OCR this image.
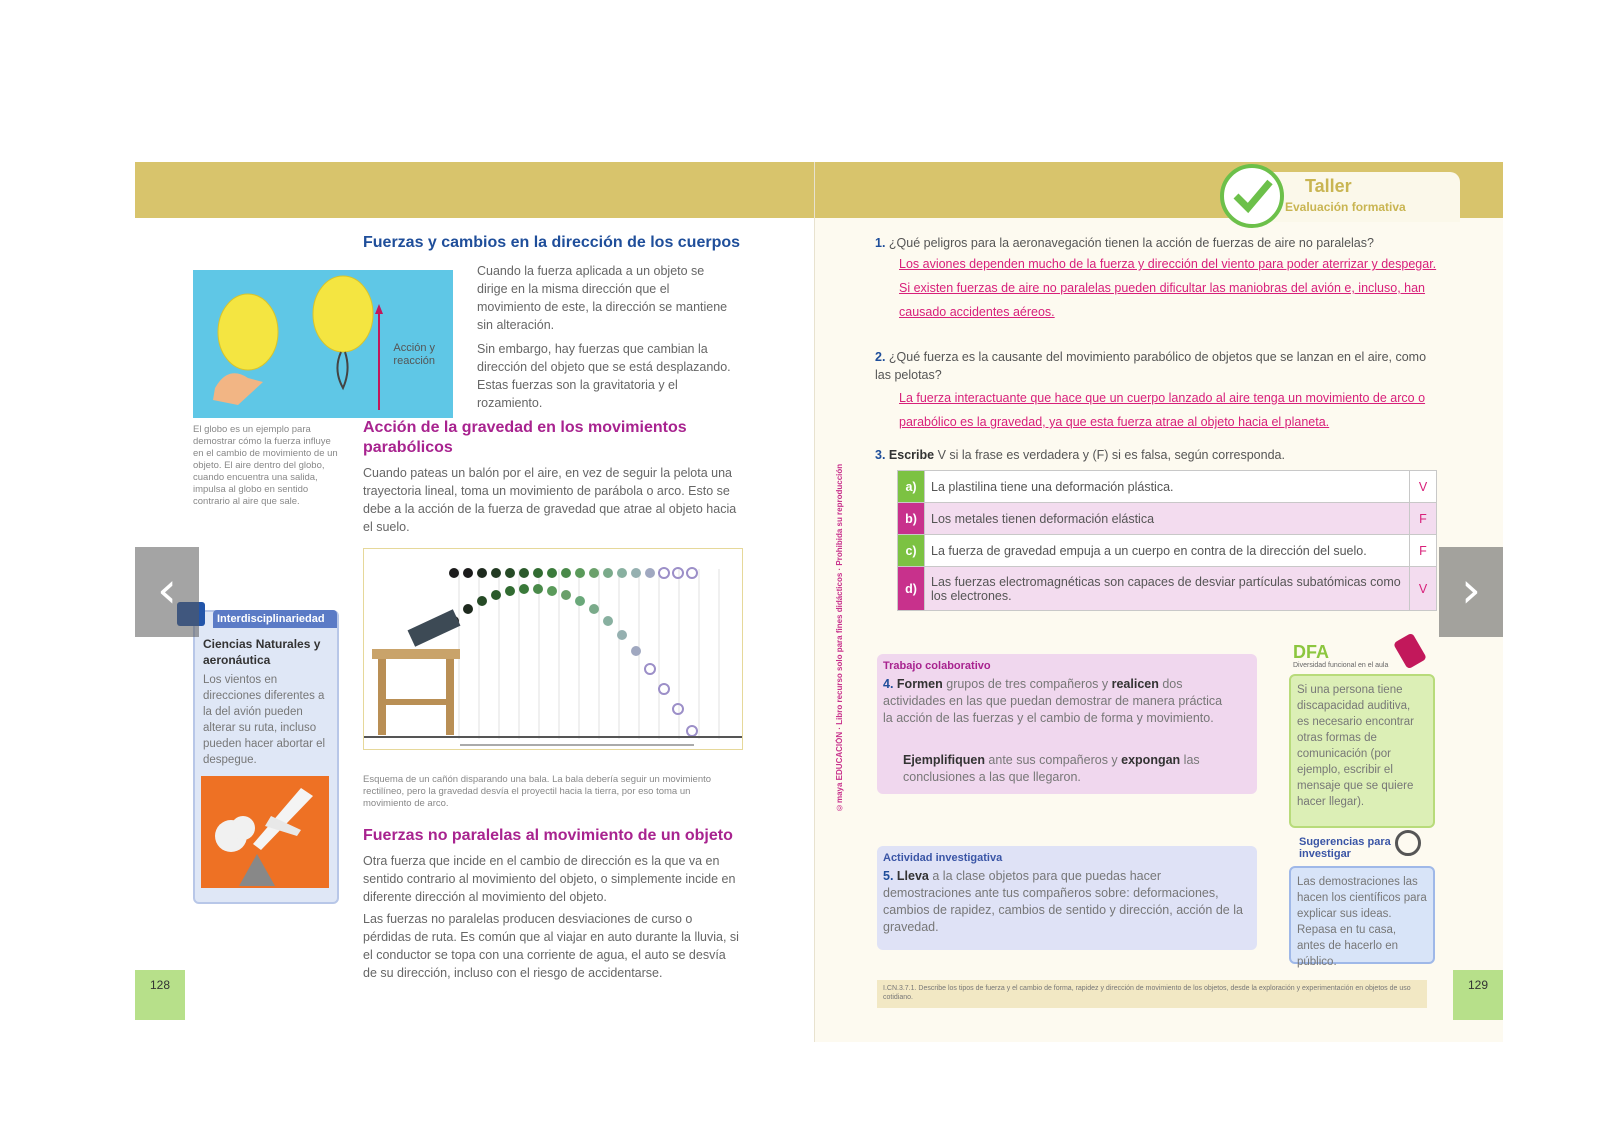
Fuerzas y cambios en la dirección de los cuerpos
Acción y reacción
El globo es un ejemplo para demostrar cómo la fuerza influye en el cambio de movimiento de un objeto. El aire dentro del globo, cuando encuentra una salida, impulsa al globo en sentido contrario al aire que sale.
Cuando la fuerza aplicada a un objeto se dirige en la misma dirección que el movimiento de este, la dirección se mantiene sin alteración.
Sin embargo, hay fuerzas que cambian la dirección del objeto que se está desplazando. Estas fuerzas son la gravitatoria y el rozamiento.
Acción de la gravedad en los movimientos parabólicos
Cuando pateas un balón por el aire, en vez de seguir la pelota una trayectoria lineal, toma un movimiento de parábola o arco. Esto se debe a la acción de la fuerza de gravedad que atrae al objeto hacia el suelo.
Esquema de un cañón disparando una bala. La bala debería seguir un movimiento rectilíneo, pero la gravedad desvía el proyectil hacia la tierra, por eso toma un movimiento de arco.
Fuerzas no paralelas al movimiento de un objeto
Otra fuerza que incide en el cambio de dirección es la que va en sentido contrario al movimiento del objeto, o simplemente incide en diferente dirección al movimiento del objeto.
Las fuerzas no paralelas producen desviaciones de curso o pérdidas de ruta. Es común que al viajar en auto durante la lluvia, si el conductor se topa con una corriente de agua, el auto se desvía de su dirección, incluso con el riesgo de accidentarse.
Interdisciplinariedad
Ciencias Naturales y aeronáutica
Los vientos en direcciones diferentes a la del avión pueden alterar su ruta, incluso pueden hacer abortar el despegue.
128
Taller
Evaluación formativa
©maya EDUCACIÓN · Libro recurso solo para fines didácticos · Prohibida su reproducción
1. ¿Qué peligros para la aeronavegación tienen la acción de fuerzas de aire no paralelas?
Los aviones dependen mucho de la fuerza y dirección del viento para poder aterrizar y despegar. Si existen fuerzas de aire no paralelas pueden dificultar las maniobras del avión e, incluso, han causado accidentes aéreos.
2. ¿Qué fuerza es la causante del movimiento parabólico de objetos que se lanzan en el aire, como las pelotas?
La fuerza interactuante que hace que un cuerpo lanzado al aire tenga un movimiento de arco o parabólico es la gravedad, ya que esta fuerza atrae al objeto hacia el planeta.
3. Escribe V si la frase es verdadera y (F) si es falsa, según corresponda.
a)	La plastilina tiene una deformación plástica.	V
b)	Los metales tienen deformación elástica	F
c)	La fuerza de gravedad empuja a un cuerpo en contra de la dirección del suelo.	F
d)	Las fuerzas electromagnéticas son capaces de desviar partículas subatómicas como los electrones.	V
Trabajo colaborativo
4. Formen grupos de tres compañeros y realicen dos actividades en las que puedan demostrar de manera práctica la acción de las fuerzas y el cambio de forma y movimiento.
Ejemplifiquen ante sus compañeros y expongan las conclusiones a las que llegaron.
Actividad investigativa
5. Lleva a la clase objetos para que puedas hacer demostraciones ante tus compañeros sobre: deformaciones, cambios de rapidez, cambios de sentido y dirección, acción de la gravedad.
DFA
Diversidad funcional en el aula
Si una persona tiene discapacidad auditiva, es necesario encontrar otras formas de comunicación (por ejemplo, escribir el mensaje que se quiere hacer llegar).
Sugerencias para investigar
Las demostraciones las hacen los científicos para explicar sus ideas. Repasa en tu casa, antes de hacerlo en público.
I.CN.3.7.1. Describe los tipos de fuerza y el cambio de forma, rapidez y dirección de movimiento de los objetos, desde la exploración y experimentación en objetos de uso cotidiano.
129
‹	›
